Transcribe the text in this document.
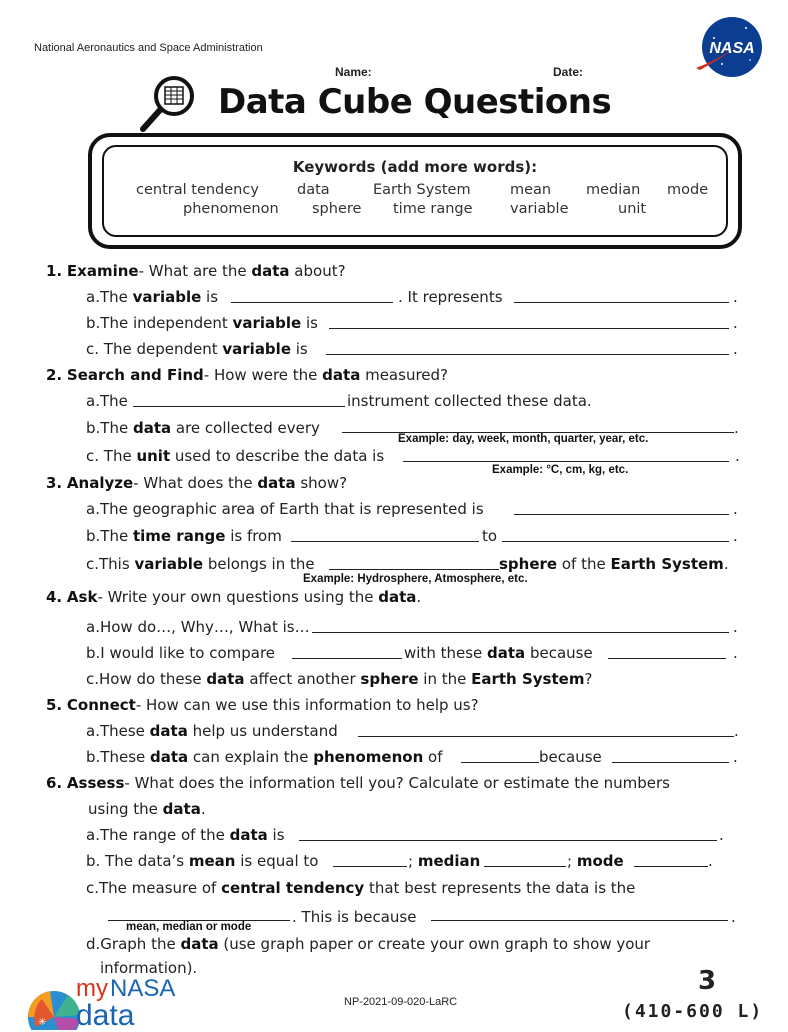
National Aeronautics and Space Administration	NASA
Name:	Date:
Data Cube Questions
Keywords (add more words):
central tendency	data	Earth System	mean median mode
phenomenon sphere time range	variable	unit
1. Examine- What are the data about?
a.The variable is	. It represents	.
b.The independent variable is	.
c. The dependent variable is	.
2. Search and Find- How were the data measured?
a.The	instrument collected these data.
b.The data are collected every	.
Example: day, week, month, quarter, year, etc.
c. The unit used to describe the data is	.
Example: °C, cm, kg, etc.
3. Analyze- What does the data show?
a.The geographic area of Earth that is represented is	.
b.The time range is from	to	.
c.This variable belongs in the	sphere of the Earth System.
Example: Hydrosphere, Atmosphere, etc.
4. Ask- Write your own questions using the data.
a.How do…, Why…, What is…	.
b.I would like to compare	with these data because	.
c.How do these data affect another sphere in the Earth System?
5. Connect- How can we use this information to help us?
a.These data help us understand	.
b.These data can explain the phenomenon of	because	.
6. Assess- What does the information tell you? Calculate or estimate the numbers
using the data.
a.The range of the data is	.
b. The data’s mean is equal to	; median	; mode	.
c.The measure of central tendency that best represents the data is the
. This is because	.
mean, median or mode
d.Graph the data (use graph paper or create your own graph to show your
information).
✳
my NASA
data	NP-2021-09-020-LaRC
3
(410-600 L)
